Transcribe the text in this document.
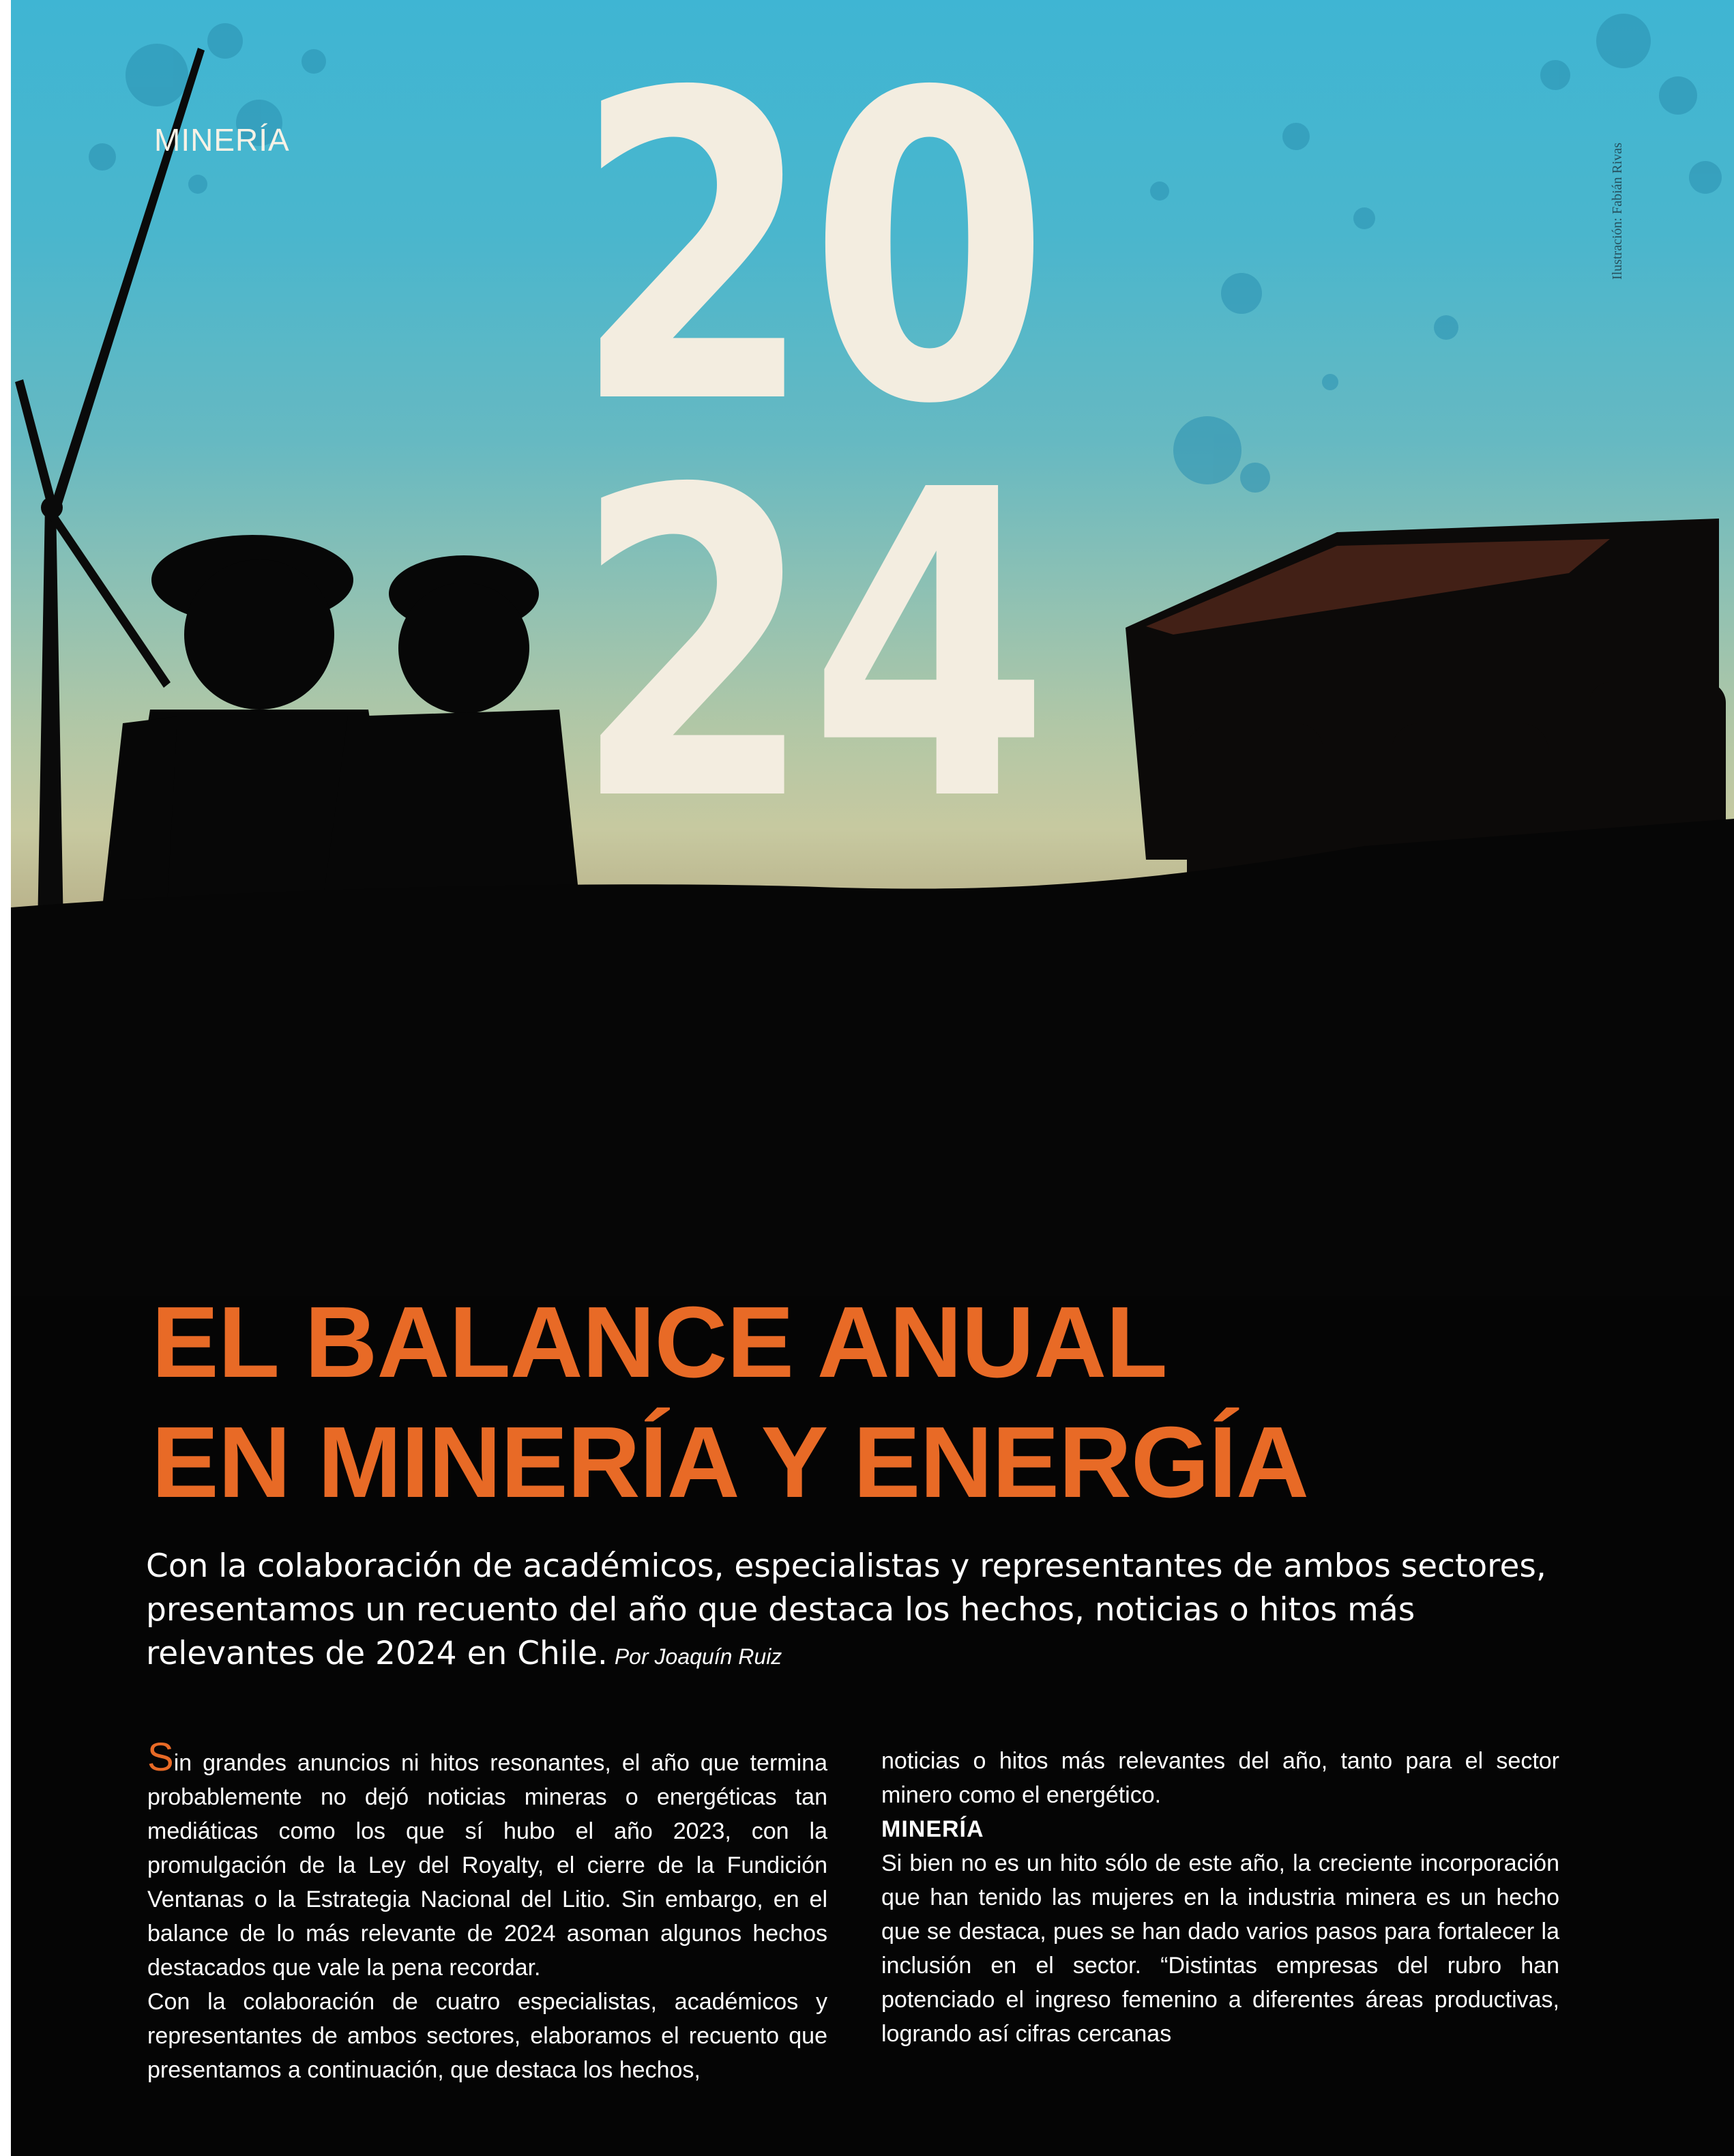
MINERÍA

Ilustración: Fabián Rivas

20

24

EL BALANCE ANUAL
EN MINERÍA Y ENERGÍA

Con la colaboración de académicos, especialistas y representantes de ambos sectores, presentamos un recuento del año que destaca los hechos, noticias o hitos más relevantes de 2024 en Chile. Por Joaquín Ruiz

Sin grandes anuncios ni hitos resonantes, el año que termina probablemente no dejó noticias mineras o energéticas tan mediáticas como los que sí hubo el año 2023, con la promulgación de la Ley del Royalty, el cierre de la Fundición Ventanas o la Estrategia Nacional del Litio. Sin embargo, en el balance de lo más relevante de 2024 asoman algunos hechos destacados que vale la pena recordar.

Con la colaboración de cuatro especialistas, académicos y representantes de ambos sectores, elaboramos el recuento que presentamos a continuación, que destaca los hechos,

noticias o hitos más relevantes del año, tanto para el sector minero como el energético.

MINERÍA

Si bien no es un hito sólo de este año, la creciente incorporación que han tenido las mujeres en la industria minera es un hecho que se destaca, pues se han dado varios pasos para fortalecer la inclusión en el sector. “Distintas empresas del rubro han potenciado el ingreso femenino a diferentes áreas productivas, logrando así cifras cercanas
